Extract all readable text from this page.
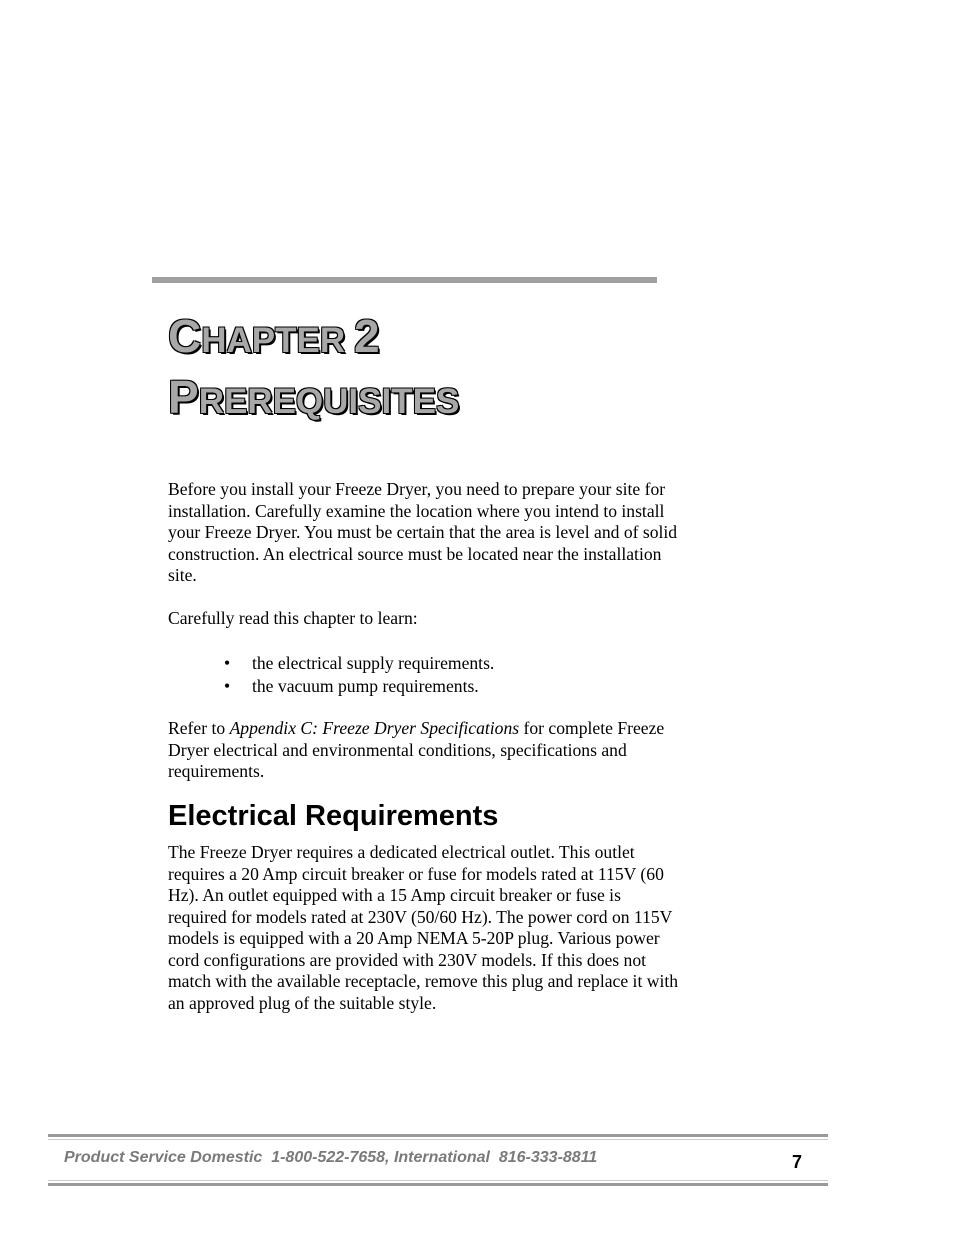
CHAPTER 2
PREREQUISITES

Before you install your Freeze Dryer, you need to prepare your site for installation. Carefully examine the location where you intend to install your Freeze Dryer. You must be certain that the area is level and of solid construction. An electrical source must be located near the installation site.

Carefully read this chapter to learn:

• the electrical supply requirements.
• the vacuum pump requirements.

Refer to Appendix C: Freeze Dryer Specifications for complete Freeze Dryer electrical and environmental conditions, specifications and requirements.

Electrical Requirements

The Freeze Dryer requires a dedicated electrical outlet. This outlet requires a 20 Amp circuit breaker or fuse for models rated at 115V (60 Hz). An outlet equipped with a 15 Amp circuit breaker or fuse is required for models rated at 230V (50/60 Hz). The power cord on 115V models is equipped with a 20 Amp NEMA 5-20P plug. Various power cord configurations are provided with 230V models. If this does not match with the available receptacle, remove this plug and replace it with an approved plug of the suitable style.

Product Service Domestic  1-800-522-7658, International  816-333-8811	7
